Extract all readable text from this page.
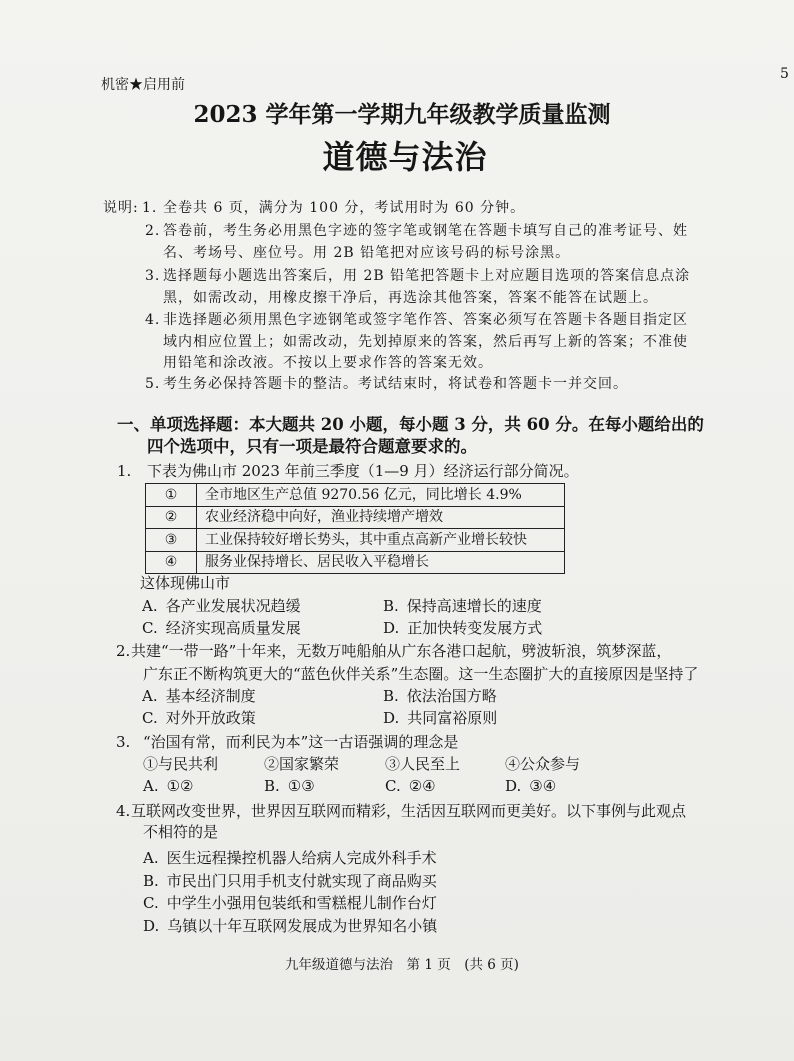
5
机密★启用前
2023 学年第一学期九年级教学质量监测
道德与法治
说明: 1. 全卷共 6 页，满分为 100 分，考试用时为 60 分钟。
2. 答卷前，考生务必用黑色字迹的签字笔或钢笔在答题卡填写自己的准考证号、姓
名、考场号、座位号。用 2B 铅笔把对应该号码的标号涂黑。
3. 选择题每小题选出答案后，用 2B 铅笔把答题卡上对应题目选项的答案信息点涂
黑，如需改动，用橡皮擦干净后，再选涂其他答案，答案不能答在试题上。
4. 非选择题必须用黑色字迹钢笔或签字笔作答、答案必须写在答题卡各题目指定区
域内相应位置上；如需改动，先划掉原来的答案，然后再写上新的答案；不准使
用铅笔和涂改液。不按以上要求作答的答案无效。
5. 考生务必保持答题卡的整洁。考试结束时，将试卷和答题卡一并交回。
一、单项选择题：本大题共 20 小题，每小题 3 分，共 60 分。在每小题给出的
四个选项中，只有一项是最符合题意要求的。
1. 下表为佛山市 2023 年前三季度（1—9 月）经济运行部分简况。
①	全市地区生产总值 9270.56 亿元，同比增长 4.9%
②	农业经济稳中向好，渔业持续增产增效
③	工业保持较好增长势头，其中重点高新产业增长较快
④	服务业保持增长、居民收入平稳增长
这体现佛山市
A. 各产业发展状况趋缓	B. 保持高速增长的速度
C. 经济实现高质量发展	D. 正加快转变发展方式
2. 共建“一带一路”十年来，无数万吨船舶从广东各港口起航，劈波斩浪，筑梦深蓝，
广东正不断构筑更大的“蓝色伙伴关系”生态圈。这一生态圈扩大的直接原因是坚持了
A. 基本经济制度	B. 依法治国方略
C. 对外开放政策	D. 共同富裕原则
3. “治国有常，而利民为本”这一古语强调的理念是
①与民共利	②国家繁荣	③人民至上	④公众参与
A. ①②	B. ①③	C. ②④	D. ③④
4. 互联网改变世界，世界因互联网而精彩，生活因互联网而更美好。以下事例与此观点
不相符的是
A. 医生远程操控机器人给病人完成外科手术
B. 市民出门只用手机支付就实现了商品购买
C. 中学生小强用包装纸和雪糕棍儿制作台灯
D. 乌镇以十年互联网发展成为世界知名小镇
九年级道德与法治　第 1 页　(共 6 页)
